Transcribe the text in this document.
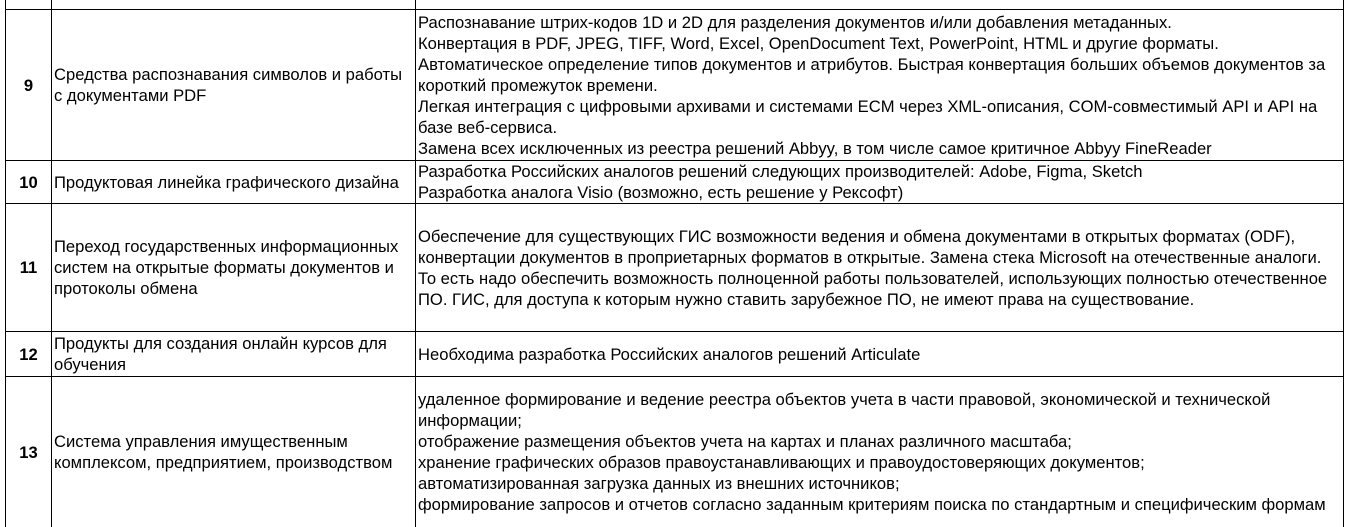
9	Средства распознавания символов и работы с документами PDF	Распознавание штрих-кодов 1D и 2D для разделения документов и/или добавления метаданных.
Конвертация в PDF, JPEG, TIFF, Word, Excel, OpenDocument Text, PowerPoint, HTML и другие форматы.
Автоматическое определение типов документов и атрибутов. Быстрая конвертация больших объемов документов за короткий промежуток времени.
Легкая интеграция с цифровыми архивами и системами ECM через XML-описания, COM-совместимый API и API на базе веб-сервиса.
Замена всех исключенных из реестра решений Abbyy, в том числе самое критичное Abbyy FineReader

10	Продуктовая линейка графического дизайна	Разработка Российских аналогов решений следующих производителей: Adobe, Figma, Sketch
Разработка аналога Visio (возможно, есть решение у Рексофт)

11	Переход государственных информационных систем на открытые форматы документов и протоколы обмена	Обеспечение для существующих ГИС возможности ведения и обмена документами в открытых форматах (ODF), конвертации документов в проприетарных форматов в открытые. Замена стека Microsoft на отечественные аналоги.
То есть надо обеспечить возможность полноценной работы пользователей, использующих полностью отечественное ПО. ГИС, для доступа к которым нужно ставить зарубежное ПО, не имеют права на существование.

12	Продукты для создания онлайн курсов для обучения	Необходима разработка Российских аналогов решений Articulate

13	Система управления имущественным комплексом, предприятием, производством	удаленное формирование и ведение реестра объектов учета в части правовой, экономической и технической информации;
отображение размещения объектов учета на картах и планах различного масштаба;
хранение графических образов правоустанавливающих и правоудостоверяющих документов;
автоматизированная загрузка данных из внешних источников;
формирование запросов и отчетов согласно заданным критериям поиска по стандартным и специфическим формам
